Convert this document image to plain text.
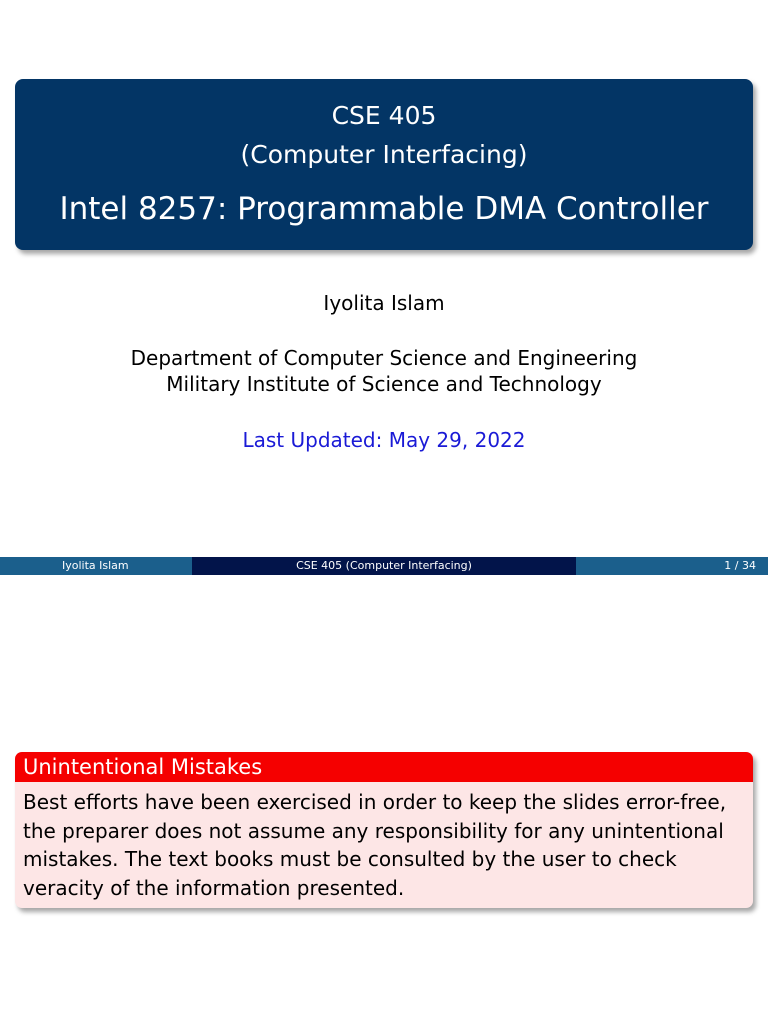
CSE 405
(Computer Interfacing)
Intel 8257: Programmable DMA Controller
Iyolita Islam
Department of Computer Science and Engineering
Military Institute of Science and Technology
Last Updated: May 29, 2022
Iyolita Islam	CSE 405 (Computer Interfacing)	1 / 34
Unintentional Mistakes
Best efforts have been exercised in order to keep the slides error-free, the preparer does not assume any responsibility for any unintentional mistakes. The text books must be consulted by the user to check veracity of the information presented.
